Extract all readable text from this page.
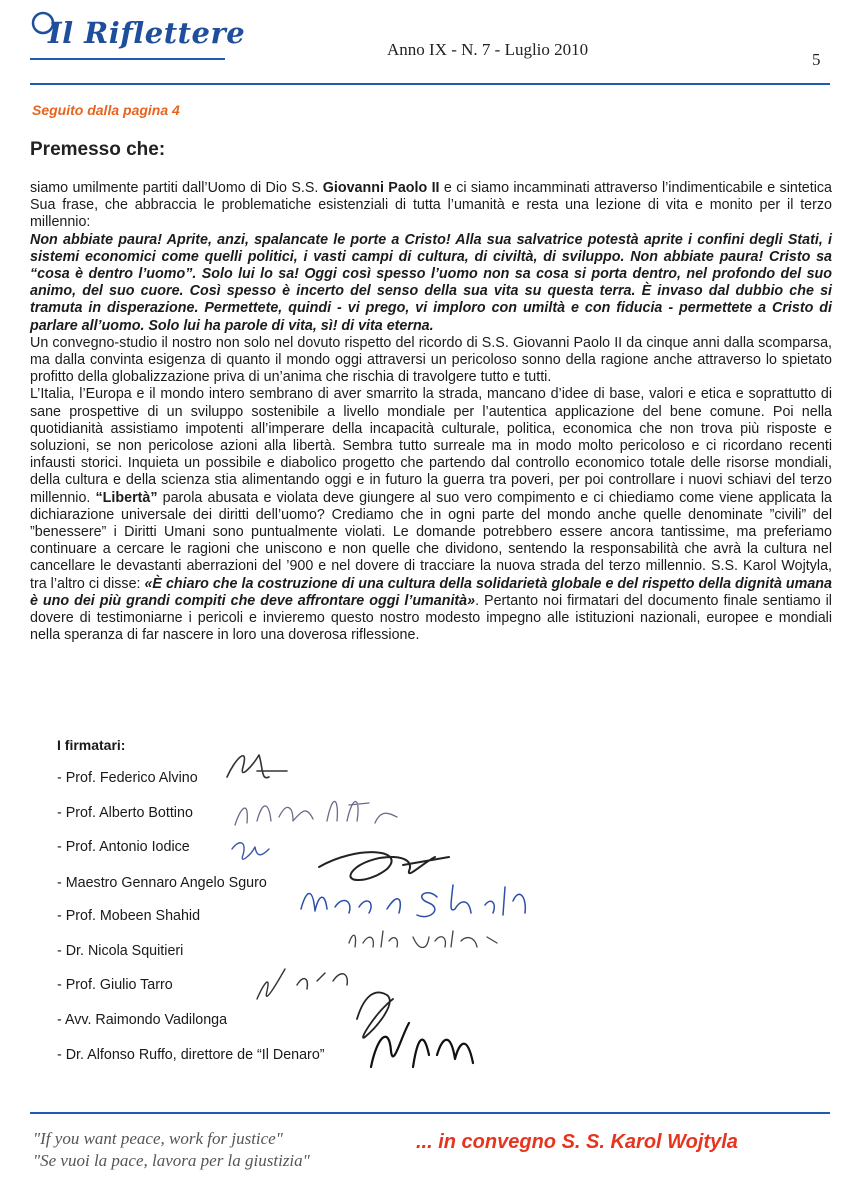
Il Riflettere	Anno IX - N. 7 - Luglio 2010
5
Seguito dalla pagina 4
Premesso che:

siamo umilmente partiti dall’Uomo di Dio S.S. Giovanni Paolo II e ci siamo incamminati attraverso l’indimenticabile e sintetica Sua frase, che abbraccia le problematiche esistenziali di tutta l’umanità e resta una lezione di vita e monito per il terzo millennio:

Non abbiate paura! Aprite, anzi, spalancate le porte a Cristo! Alla sua salvatrice potestà aprite i confini degli Stati, i sistemi economici come quelli politici, i vasti campi di cultura, di civiltà, di sviluppo. Non abbiate paura! Cristo sa “cosa è dentro l’uomo”. Solo lui lo sa! Oggi così spesso l’uomo non sa cosa si porta dentro, nel profondo del suo animo, del suo cuore. Così spesso è incerto del senso della sua vita su questa terra. È invaso dal dubbio che si tramuta in disperazione. Permettete, quindi - vi prego, vi imploro con umiltà e con fiducia - permettete a Cristo di parlare all’uomo. Solo lui ha parole di vita, sì! di vita eterna.

Un convegno-studio il nostro non solo nel dovuto rispetto del ricordo di S.S. Giovanni Paolo II da cinque anni dalla scomparsa, ma dalla convinta esigenza di quanto il mondo oggi attraversi un pericoloso sonno della ragione anche attraverso lo spietato profitto della globalizzazione priva di un’anima che rischia di travolgere tutto e tutti.

L’Italia, l’Europa e il mondo intero sembrano di aver smarrito la strada, mancano d’idee di base, valori e etica e soprattutto di sane prospettive di un sviluppo sostenibile a livello mondiale per l’autentica applicazione del bene comune. Poi nella quotidianità assistiamo impotenti all’imperare della incapacità culturale, politica, economica che non trova più risposte e soluzioni, se non pericolose azioni alla libertà. Sembra tutto surreale ma in modo molto pericoloso e ci ricordano recenti infausti storici. Inquieta un possibile e diabolico progetto che partendo dal controllo economico totale delle risorse mondiali, della cultura e della scienza stia alimentando oggi e in futuro la guerra tra poveri, per poi controllare i nuovi schiavi del terzo millennio. “Libertà” parola abusata e violata deve giungere al suo vero compimento e ci chiediamo come viene applicata la dichiarazione universale dei diritti dell’uomo? Crediamo che in ogni parte del mondo anche quelle denominate ”civili” del ”benessere” i Diritti Umani sono puntualmente violati. Le domande potrebbero essere ancora tantissime, ma preferiamo continuare a cercare le ragioni che uniscono e non quelle che dividono, sentendo la responsabilità che avrà la cultura nel cancellare le devastanti aberrazioni del ’900 e nel dovere di tracciare la nuova strada del terzo millennio. S.S. Karol Wojtyla, tra l’altro ci disse: «È chiaro che la costruzione di una cultura della solidarietà globale e del rispetto della dignità umana è uno dei più grandi compiti che deve affrontare oggi l’umanità». Pertanto noi firmatari del documento finale sentiamo il dovere di testimoniarne i pericoli e invieremo questo nostro modesto impegno alle istituzioni nazionali, europee e mondiali nella speranza di far nascere in loro una doverosa riflessione.

I firmatari:
- Prof. Federico Alvino
- Prof. Alberto Bottino
- Prof. Antonio Iodice
- Maestro Gennaro Angelo Sguro
- Prof. Mobeen Shahid
- Dr. Nicola Squitieri
- Prof. Giulio Tarro
- Avv. Raimondo Vadilonga
- Dr. Alfonso Ruffo, direttore de “Il Denaro”
"If you want peace, work for justice"
"Se vuoi la pace, lavora per la giustizia"
... in convegno S. S. Karol Wojtyla
